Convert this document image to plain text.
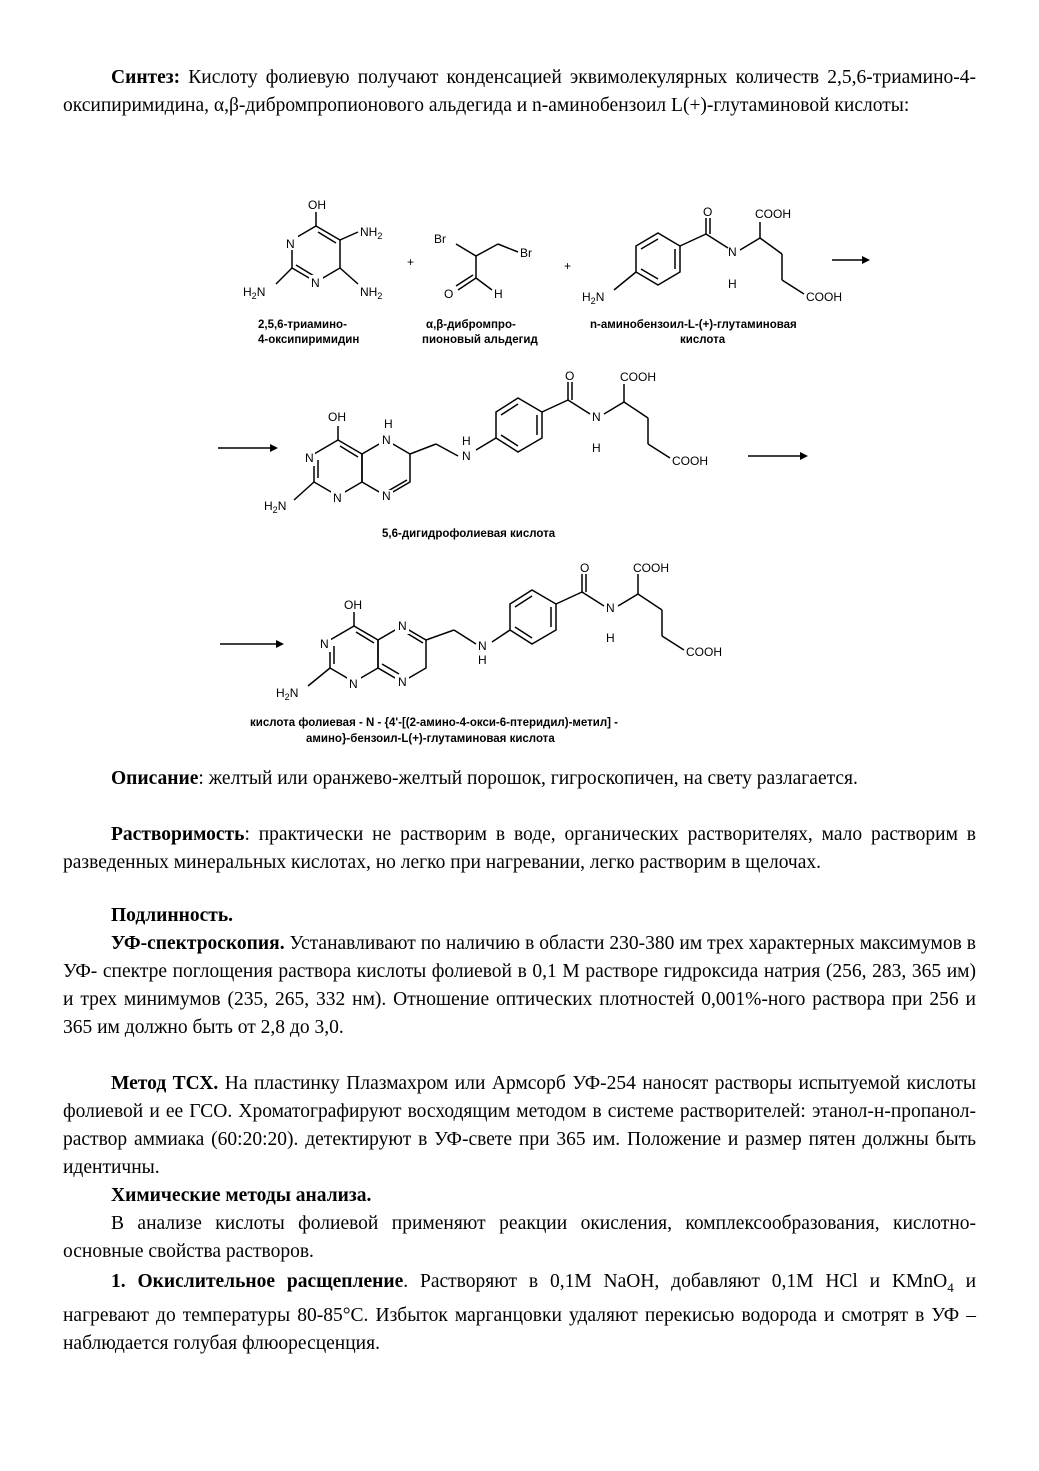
Синтез: Кислоту фолиевую получают конденсацией эквимолекулярных количеств 2,5,6-триамино-4- оксипиримидина, α,β-дибромпропионового альдегида и n-аминобензоил L(+)-глутаминовой кислоты:

OH
N
N
$NH_2$
$NH_2$
$H_2N$
2,5,6-триамино-
4-оксипиримидин
+
Br
Br
O	H
α,β-дибромпро-
пионовый альдегид
+
O	COOH
N
H
COOH
$H_2N$
n-аминобензоил-L-(+)-глутаминовая
кислота
OH
N
N
N
H
N
N
H
O	COOH
N
H
COOH
$H_2N$
5,6-дигидрофолиевая кислота
OH
N
N
N
N
N
H
O	COOH
N
H
COOH
$H_2N$
кислота фолиевая - N - {4'-[(2-амино-4-окси-6-птеридил)-метил] -
амино}-бензоил-L(+)-глутаминовая кислота

Описание: желтый или оранжево-желтый порошок, гигроскопичен, на свету разлагается.

Растворимость: практически не растворим в воде, органических растворителях, мало растворим в разведенных минеральных кислотах, но легко при нагревании, легко растворим в щелочах.

Подлинность.

УФ-спектроскопия. Устанавливают по наличию в области 230-380 им трех характерных максимумов в УФ- спектре поглощения раствора кислоты фолиевой в 0,1 М растворе гидроксида натрия (256, 283, 365 им) и трех минимумов (235, 265, 332 нм). Отношение оптических плотностей 0,001%-ного раствора при 256 и 365 им должно быть от 2,8 до 3,0.

Метод ТСХ. На пластинку Плазмахром или Армсорб УФ-254 наносят растворы испытуемой кислоты фолиевой и ее ГСО. Хроматографируют восходящим методом в системе растворителей: этанол-н-пропанол-раствор аммиака (60:20:20). детектируют в УФ-свете при 365 им. Положение и размер пятен должны быть идентичны.

Химические методы анализа.

В анализе кислоты фолиевой применяют реакции окисления, комплексообразования, кислотно-основные свойства растворов.

1. Окислительное расщепление. Растворяют в 0,1М NaOH, добавляют 0,1М HCl и KMnO$_4$ и нагревают до температуры 80-85°С. Избыток марганцовки удаляют перекисью водорода и смотрят в УФ – наблюдается голубая флюоресценция.
